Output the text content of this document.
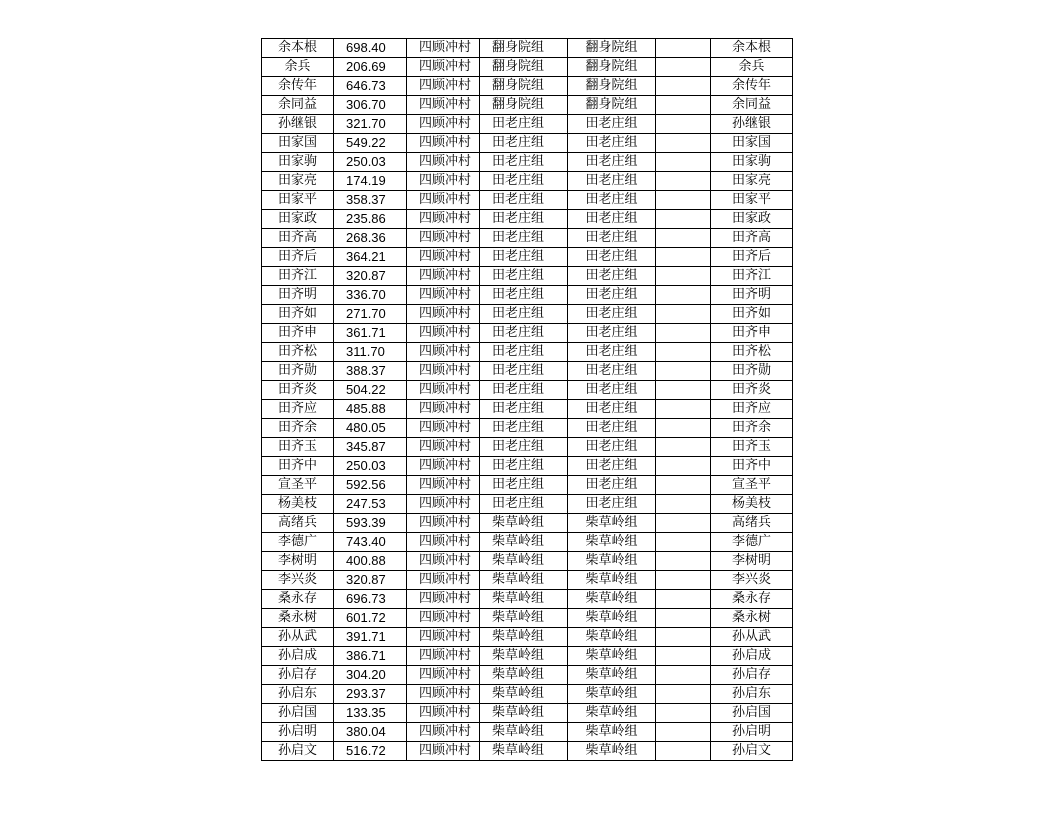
余本根	698.40	四顾冲村	翻身院组	翻身院组		余本根
余兵	206.69	四顾冲村	翻身院组	翻身院组		余兵
余传年	646.73	四顾冲村	翻身院组	翻身院组		余传年
余同益	306.70	四顾冲村	翻身院组	翻身院组		余同益
孙继银	321.70	四顾冲村	田老庄组	田老庄组		孙继银
田家国	549.22	四顾冲村	田老庄组	田老庄组		田家国
田家驹	250.03	四顾冲村	田老庄组	田老庄组		田家驹
田家亮	174.19	四顾冲村	田老庄组	田老庄组		田家亮
田家平	358.37	四顾冲村	田老庄组	田老庄组		田家平
田家政	235.86	四顾冲村	田老庄组	田老庄组		田家政
田齐高	268.36	四顾冲村	田老庄组	田老庄组		田齐高
田齐后	364.21	四顾冲村	田老庄组	田老庄组		田齐后
田齐江	320.87	四顾冲村	田老庄组	田老庄组		田齐江
田齐明	336.70	四顾冲村	田老庄组	田老庄组		田齐明
田齐如	271.70	四顾冲村	田老庄组	田老庄组		田齐如
田齐申	361.71	四顾冲村	田老庄组	田老庄组		田齐申
田齐松	311.70	四顾冲村	田老庄组	田老庄组		田齐松
田齐勋	388.37	四顾冲村	田老庄组	田老庄组		田齐勋
田齐炎	504.22	四顾冲村	田老庄组	田老庄组		田齐炎
田齐应	485.88	四顾冲村	田老庄组	田老庄组		田齐应
田齐余	480.05	四顾冲村	田老庄组	田老庄组		田齐余
田齐玉	345.87	四顾冲村	田老庄组	田老庄组		田齐玉
田齐中	250.03	四顾冲村	田老庄组	田老庄组		田齐中
宣圣平	592.56	四顾冲村	田老庄组	田老庄组		宣圣平
杨美枝	247.53	四顾冲村	田老庄组	田老庄组		杨美枝
高绪兵	593.39	四顾冲村	柴草岭组	柴草岭组		高绪兵
李德广	743.40	四顾冲村	柴草岭组	柴草岭组		李德广
李树明	400.88	四顾冲村	柴草岭组	柴草岭组		李树明
李兴炎	320.87	四顾冲村	柴草岭组	柴草岭组		李兴炎
桑永存	696.73	四顾冲村	柴草岭组	柴草岭组		桑永存
桑永树	601.72	四顾冲村	柴草岭组	柴草岭组		桑永树
孙从武	391.71	四顾冲村	柴草岭组	柴草岭组		孙从武
孙启成	386.71	四顾冲村	柴草岭组	柴草岭组		孙启成
孙启存	304.20	四顾冲村	柴草岭组	柴草岭组		孙启存
孙启东	293.37	四顾冲村	柴草岭组	柴草岭组		孙启东
孙启国	133.35	四顾冲村	柴草岭组	柴草岭组		孙启国
孙启明	380.04	四顾冲村	柴草岭组	柴草岭组		孙启明
孙启文	516.72	四顾冲村	柴草岭组	柴草岭组		孙启文
